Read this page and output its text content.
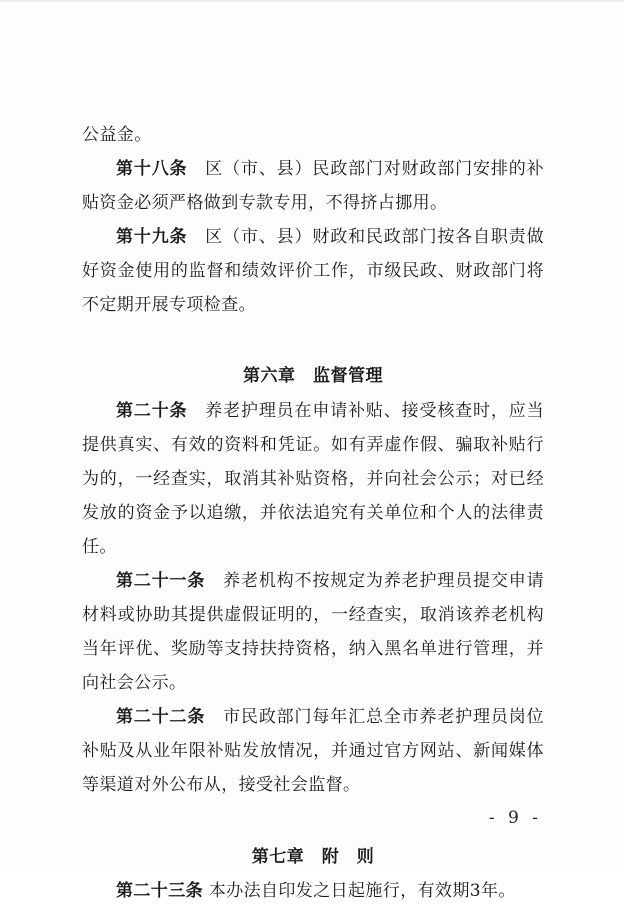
公益金。

第十八条　 区（市、县）民政部门对财政部门安排的补贴资金必须严格做到专款专用，不得挤占挪用。

第十九条　 区（市、县）财政和民政部门按各自职责做好资金使用的监督和绩效评价工作，市级民政、财政部门将不定期开展专项检查。

第六章　监督管理

第二十条　 养老护理员在申请补贴、接受核查时，应当提供真实、有效的资料和凭证。如有弄虚作假、骗取补贴行为的，一经查实，取消其补贴资格，并向社会公示；对已经发放的资金予以追缴，并依法追究有关单位和个人的法律责任。

第二十一条　 养老机构不按规定为养老护理员提交申请材料或协助其提供虚假证明的，一经查实，取消该养老机构当年评优、奖励等支持扶持资格，纳入黑名单进行管理，并向社会公示。

第二十二条　 市民政部门每年汇总全市养老护理员岗位补贴及从业年限补贴发放情况，并通过官方网站、新闻媒体等渠道对外公布从，接受社会监督。

第七章　附　则

第二十三条 本办法自印发之日起施行，有效期3年。

- 9 -
